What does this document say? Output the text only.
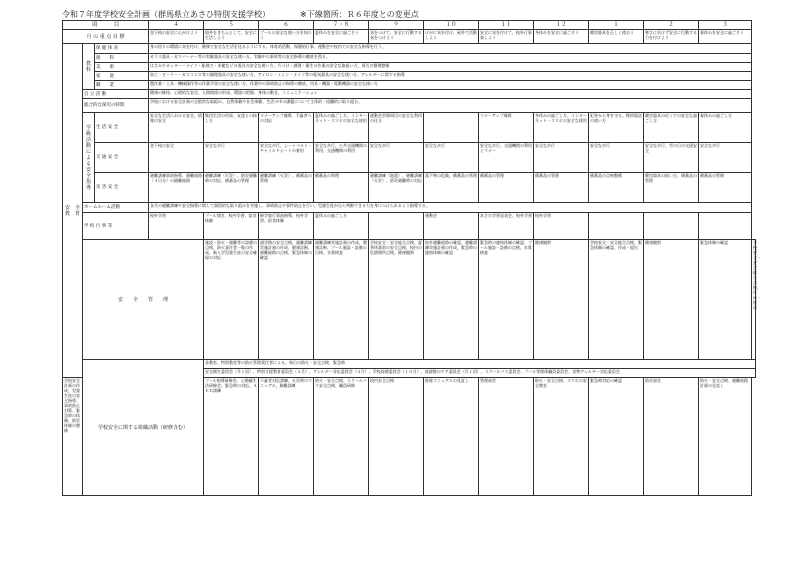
令和７年度学校安全計画（群馬県立あさひ特別支援学校）	※下線箇所：Ｒ６年度との変更点
項　　　目			４	５	６	７・８	９	１０	１１	１２	１	２	３	
月 の 重 点 目 標			登下校の安全に心がけよう	校外をきちんとして、安全に生活しよう	プールの安全な使い方を知ろう	夏休みを安全に過ごそう	気をつけて、安全に行動する気をつけよう	けがに気を付け、屋外で活動しよう	安全に気を付けて、校外行事楽しよう	冬休みを安全に過ごそう	暖房器具を正しく使おう	寒さに負けず安全に行動する力を付けよう	春休みを安全に過ごそう	
安　全　教　育	教　科	保 健 体 育	身の回りの環境に気を付け、健康で安全な生活を送るようにする。体育的活動、保健的行事、運動会や校内での安全な指導を行う。											
		理　　科	ガラス器具・ガスバーナー等の実験器具の安全な使い方、実験中の事故等の安全指導の徹底を図る。											
		美　　術	はさみやカッター・ナイフ・彫刻刀・木槌などの道具の安全な使い方、片づけ・調理・衛生の作業の安全な取扱い方、周辺の整理整頓											
		家　　庭	加工・ビーラー・ガスコンロ等の調理器具の安全な使い方、アイロン・ミシン・ナイフ等の電気器具の安全な使い方、アレルギーに関する指導											
		職　　業	農作業・工具・機械操作等の作業学習の安全な使い方、作業中の事故防止の指導の徹底、用具・機器・電動機器の安全な使い方											
	自 立 活 動		健康の維持、心理的な安定、人間関係の形成、環境の把握、身体の動き、コミュニケーション											
	総合的な探究の時間		学校における安全計画の全般的な取組み、自然体験や社会体験、生活の中の課題について主体的・協働的に取り組む。											
	学級活動による安全指導	生 活 安 全	安全な生活における安全、情報の安全	集団生活の約束、友達との接し方	マナーアップ週間、不審者への対応	夏休みの過ごし方、インターネット・スマホの安全な使用	運動会会場周辺の安全な利用の仕方		マナーアップ週間	冬休みの過ごし方、インターネット・スマホの安全な使用	犯罪から身を守る、携帯電話の使い方	暖房器具の近くでの安全な過ごし方	春休みの過ごし方	
		交 通 安 全	登下校の安全	安全な歩行	安全な歩行、シートベルト・チャイルドシートの着用	安全な歩行、公共交通機関の利用、交通機関の利用	安全な歩行	安全な歩行	安全な歩行、交通機関の利用とマナー	安全な歩行	安全な歩行	安全な歩行、雪の日の交通安全	安全な歩行	
		災 害 安 全	避難訓練事前指導、避難経路（３日分）の避難経路	避難訓練（火災）、防災避難時の対応、備蓄品の管理	避難訓練（火災）、備蓄品の管理	備蓄品の管理	避難訓練（地震）、避難訓練（火災）、防災避難時の対応	落下物の危険、備蓄品の管理	備蓄品の管理	備蓄品の管理	備蓄品の点検整備	暖房器具の扱い方、備蓄品の管理	備蓄品の管理	
	ホームルーム活動		各月の避難訓練や安全指導に関して個別的な取り組みを実施し、事故防止や事件防止を行い、児童生徒が自ら判断できる力を身につけられるよう指導する。											
	学 校 行 事 等		校外学習	プール開き、校外学習、給食体験	修学旅行事前指導、校外学習、給食体験	夏休みの過ごし方		運動会	あさひ学習発表会、校外学習	校外学習				
	安　　全　　管　　理			施設・防火・避難等の設備の点検、防火責任者一覧の作成、新入学児童生徒の安全確保の対応	通学路の安全点検、避難訓練実施計画の作成、健康診断、避難経路の点検、緊急体制の確認	避難訓練実施計画の作成、健康診断、プール施設・設備の点検、水質検査	学校安全・安全総合点検、夏季休業前の安全点検、校内の危険箇所点検、健康観察	校外避難経路の確認、避難訓練実施計画の作成、緊急時の連絡体制の確認	緊急時の連絡体制の確認、プール施設・設備の点検、水質検査	健康観察	学校安全・安全総合点検、緊急体制の確認、作成・提出	健康観察	緊急体制の確認	学校安全・安全総合点検、作成・提出
	学校安全に関する組織活動（研修含む）			各教室、特別教室等の防火管理責任者による、毎日の防火・安全点検、緊急時										
				安全衛生委員会（月１回）、特別支援教育委員会（４月）、アレルギー対応委員会（４月）、学校保健委員会（１０月）、放課後のケア委員会（月１回）、スクールバス委員会、プール等関係職員委員会、食物アレルギー対応委員会										
学校安全計画の作成、児童生徒の安全指導、事故防止対策、緊急時の体制、防災体制の整備				プール指導研修会、心肺蘇生法研修会、緊急時の対応、ＡＥＤ訓練	不審者対応訓練、火災時のマニュアル、避難訓練	防火・安全点検、スクールバス安全点検、職員研修	校内安全点検	推進マニュアルの見直し	管理部会	防火・安全点検、スマホの安全教室	緊急時対応の確認	防災部会	防火・安全点検、避難経路計画の見直し	
